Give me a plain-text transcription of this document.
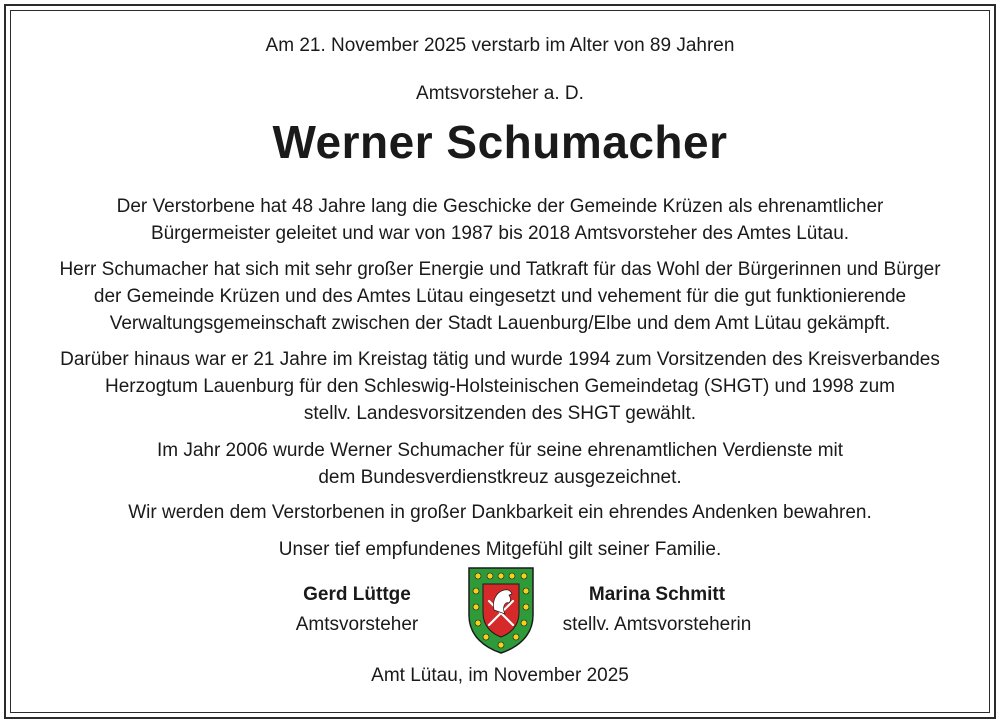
Am 21. November 2025 verstarb im Alter von 89 Jahren
Amtsvorsteher a. D.
Werner Schumacher
Der Verstorbene hat 48 Jahre lang die Geschicke der Gemeinde Krüzen als ehrenamtlicher
Bürgermeister geleitet und war von 1987 bis 2018 Amtsvorsteher des Amtes Lütau.
Herr Schumacher hat sich mit sehr großer Energie und Tatkraft für das Wohl der Bürgerinnen und Bürger
der Gemeinde Krüzen und des Amtes Lütau eingesetzt und vehement für die gut funktionierende
Verwaltungsgemeinschaft zwischen der Stadt Lauenburg/Elbe und dem Amt Lütau gekämpft.
Darüber hinaus war er 21 Jahre im Kreistag tätig und wurde 1994 zum Vorsitzenden des Kreisverbandes
Herzogtum Lauenburg für den Schleswig-Holsteinischen Gemeindetag (SHGT) und 1998 zum
stellv. Landesvorsitzenden des SHGT gewählt.
Im Jahr 2006 wurde Werner Schumacher für seine ehrenamtlichen Verdienste mit
dem Bundesverdienstkreuz ausgezeichnet.
Wir werden dem Verstorbenen in großer Dankbarkeit ein ehrendes Andenken bewahren.
Unser tief empfundenes Mitgefühl gilt seiner Familie.
Gerd Lüttge
Amtsvorsteher
Marina Schmitt
stellv. Amtsvorsteherin
Amt Lütau, im November 2025
